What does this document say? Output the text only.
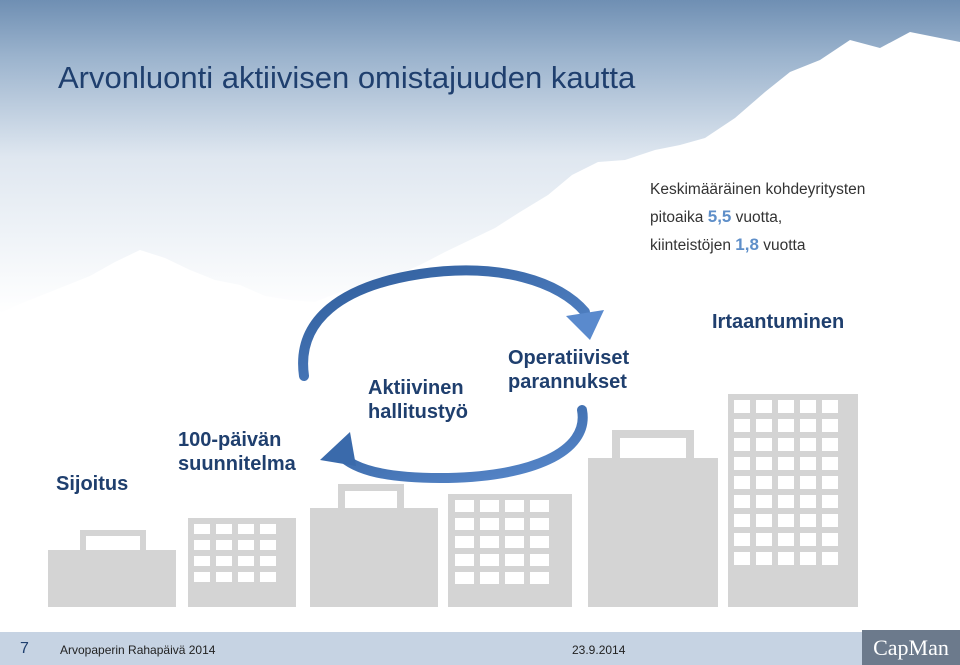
Arvonluonti aktiivisen omistajuuden kautta
Keskimääräinen kohdeyritysten
pitoaika 5,5 vuotta,
kiinteistöjen 1,8 vuotta
Sijoitus
100-päivän
suunnitelma
Aktiivinen
hallitustyö
Operatiiviset
parannukset
Irtaantuminen
7	Arvopaperin Rahapäivä 2014	23.9.2014	CapMan
